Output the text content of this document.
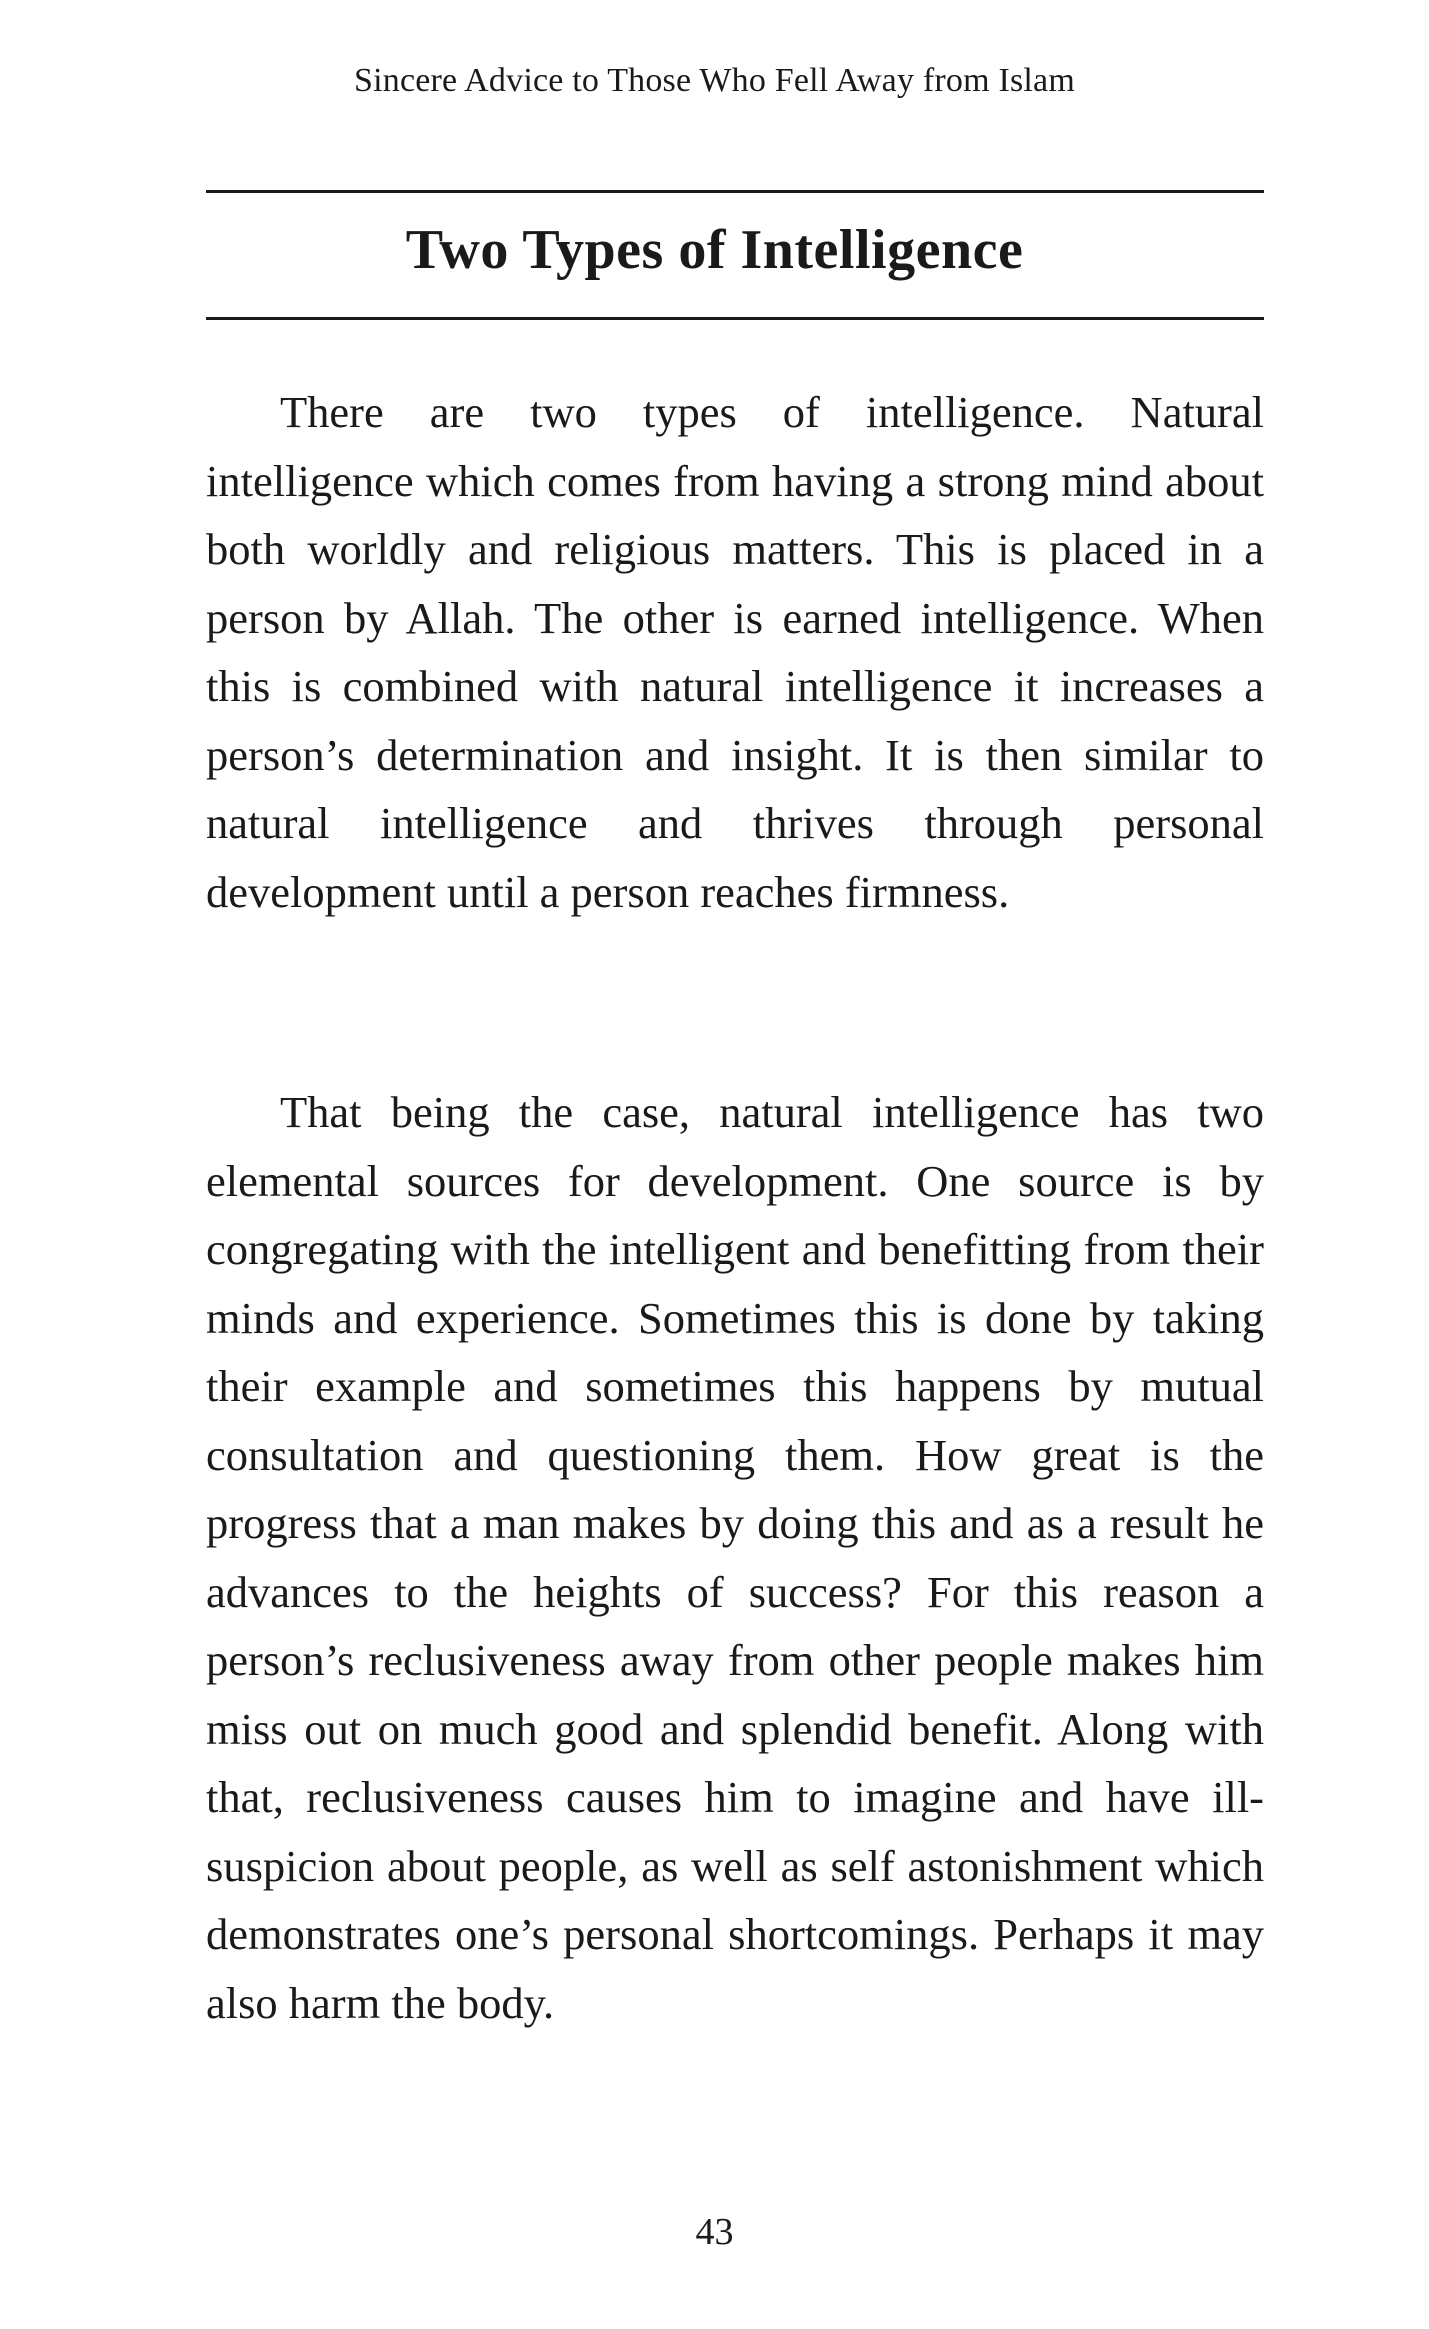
Sincere Advice to Those Who Fell Away from Islam
Two Types of Intelligence

There are two types of intelligence. Natural intelligence which comes from having a strong mind about both worldly and religious matters. This is placed in a person by Allah. The other is earned intelligence. When this is combined with natural intelligence it increases a person’s determination and insight. It is then similar to natural intelligence and thrives through personal development until a person reaches firmness.

That being the case, natural intelligence has two elemental sources for development. One source is by congregating with the intelligent and benefitting from their minds and experience. Sometimes this is done by taking their example and sometimes this happens by mutual consultation and questioning them. How great is the progress that a man makes by doing this and as a result he advances to the heights of success? For this reason a person’s reclusiveness away from other people makes him miss out on much good and splendid benefit. Along with that, reclusiveness causes him to imagine and have ill-suspicion about people, as well as self astonishment which demonstrates one’s personal shortcomings. Perhaps it may also harm the body.

43
